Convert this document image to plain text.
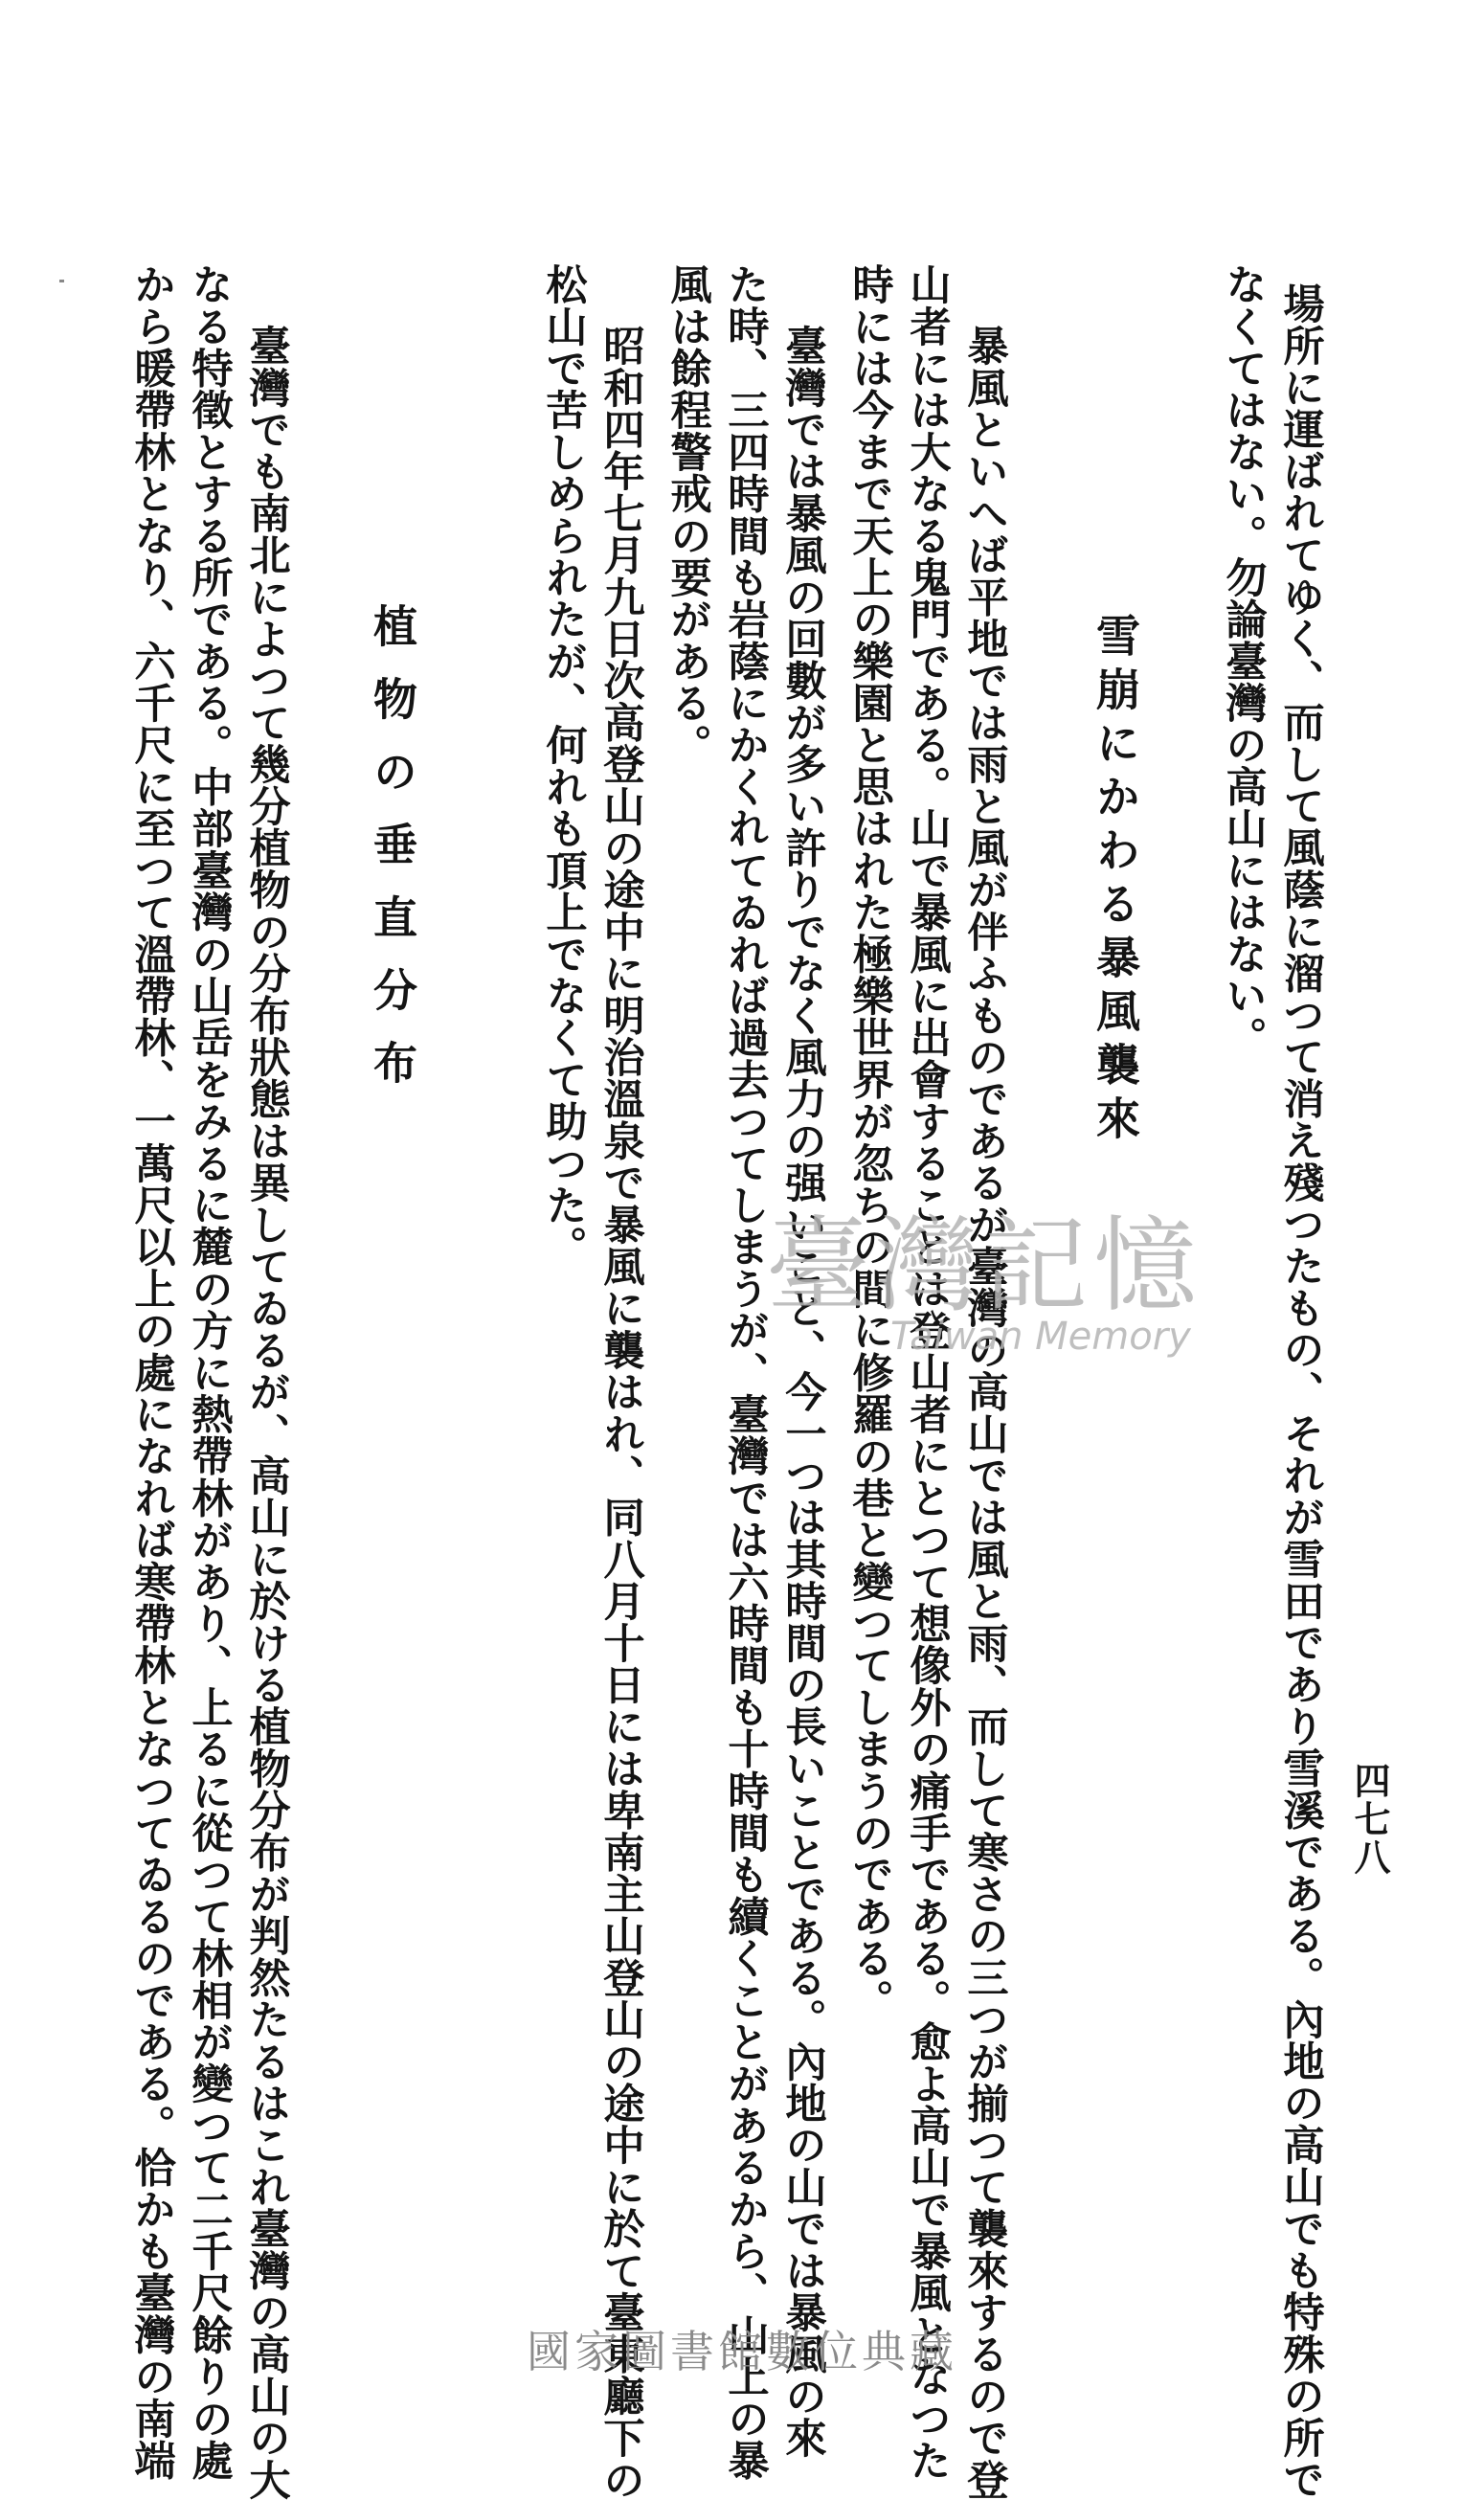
四七八
場所に運ばれてゆく、而して風蔭に溜つて消え殘つたもの、それが雪田であり雪溪である。內地の高山でも特殊の所で
なくてはない。勿論臺灣の高山にはない。
雪崩にかわる暴風襲來
暴風といへば平地では雨と風が伴ふものであるが臺灣の高山では風と雨、而して寒さの三つが揃つて襲來するので登
山者には大なる鬼門である。山で暴風に出會することは登山者にとつて想像外の痛手である。愈よ高山で暴風となつた
時には今まで天上の樂園と思はれた極樂世界が忽ちの間に修羅の巷と變つてしまうのである。
臺灣では暴風の回數が多い許りでなく風力の强いこと、今一つは其時間の長いことである。內地の山では暴風の來
た時、三四時間も岩蔭にかくれてゐれば過去つてしまうが、臺灣では六時間も十時間も續くことがあるから、山上の暴
風は餘程警戒の要がある。
昭和四年七月九日次高登山の途中に明治溫泉で暴風に襲はれ、同八月十日には卑南主山登山の途中に於て臺東廳下の
松山で苦しめられたが、何れも頂上でなくて助つた。
植物の垂直分布
臺灣でも南北によつて幾分植物の分布狀態は異してゐるが、高山に於ける植物分布が判然たるはこれ臺灣の高山の大
なる特徵とする所である。中部臺灣の山岳をみるに麓の方に熱帶林があり、上るに從つて林相が變つて二千尺餘りの處
から暖帶林となり、六千尺に至つて溫帶林、一萬尺以上の處になれば寒帶林となつてゐるのである。恰かも臺灣の南端	臺灣記憶
Taiwan Memory
國家圖書館數位典藏
